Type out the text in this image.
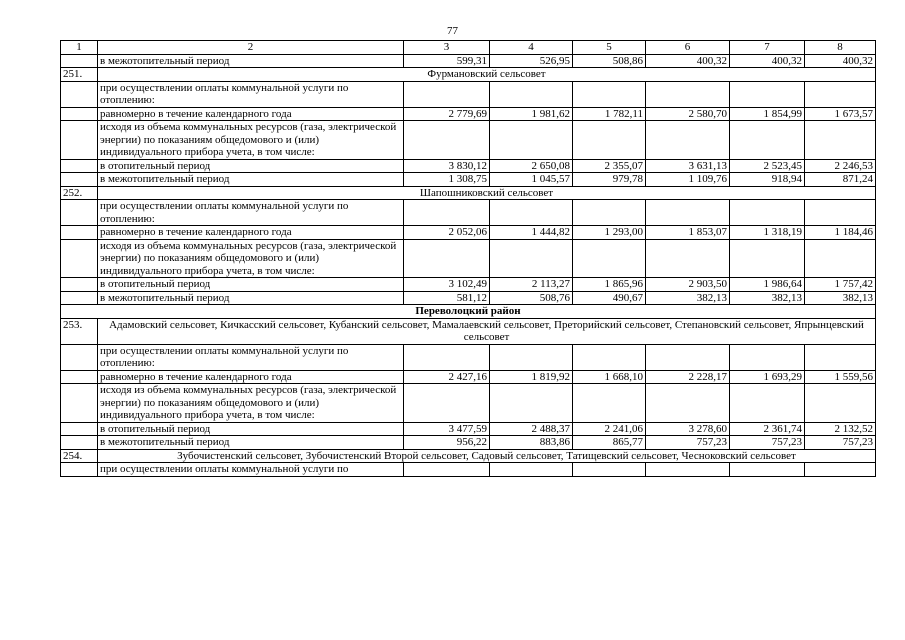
77
1	2	3	4	5	6	7	8
	в межотопительный период	599,31	526,95	508,86	400,32	400,32	400,32
251.	Фурмановский сельсовет						
	при осуществлении оплаты коммунальной услуги по отоплению:						
	равномерно в течение календарного года	2 779,69	1 981,62	1 782,11	2 580,70	1 854,99	1 673,57
	исходя из объема коммунальных ресурсов (газа, электрической энергии) по показаниям общедомового и (или) индивидуального прибора учета, в том числе:						
	в отопительный период	3 830,12	2 650,08	2 355,07	3 631,13	2 523,45	2 246,53
	в межотопительный период	1 308,75	1 045,57	979,78	1 109,76	918,94	871,24
252.	Шапошниковский сельсовет						
	при осуществлении оплаты коммунальной услуги по отоплению:						
	равномерно в течение календарного года	2 052,06	1 444,82	1 293,00	1 853,07	1 318,19	1 184,46
	исходя из объема коммунальных ресурсов (газа, электрической энергии) по показаниям общедомового и (или) индивидуального прибора учета, в том числе:						
	в отопительный период	3 102,49	2 113,27	1 865,96	2 903,50	1 986,64	1 757,42
	в межотопительный период	581,12	508,76	490,67	382,13	382,13	382,13
Переволоцкий район							
253.	Адамовский сельсовет, Кичкасский сельсовет, Кубанский сельсовет, Мамалаевский сельсовет, Преторийский сельсовет, Степановский сельсовет, Япрынцевский сельсовет						
	при осуществлении оплаты коммунальной услуги по отоплению:						
	равномерно в течение календарного года	2 427,16	1 819,92	1 668,10	2 228,17	1 693,29	1 559,56
	исходя из объема коммунальных ресурсов (газа, электрической энергии) по показаниям общедомового и (или) индивидуального прибора учета, в том числе:						
	в отопительный период	3 477,59	2 488,37	2 241,06	3 278,60	2 361,74	2 132,52
	в межотопительный период	956,22	883,86	865,77	757,23	757,23	757,23
254.	Зубочистенский сельсовет, Зубочистенский Второй сельсовет, Садовый сельсовет, Татищевский сельсовет, Чесноковский сельсовет						
	при осуществлении оплаты коммунальной услуги по						
